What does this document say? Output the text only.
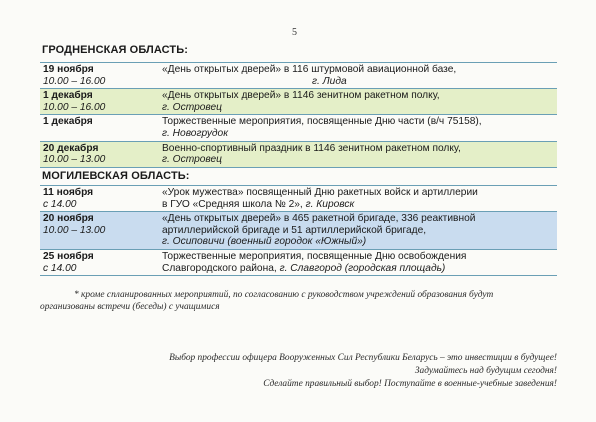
5
ГРОДНЕНСКАЯ ОБЛАСТЬ:
19 ноября
10.00 – 16.00	«День открытых дверей» в 116 штурмовой авиационной базе,
г. Лида

1 декабря
10.00 – 16.00	«День открытых дверей» в 1146 зенитном ракетном полку,
г. Островец

1 декабря	Торжественные мероприятия, посвященные Дню части (в/ч 75158),
г. Новогрудок

20 декабря
10.00 – 13.00	Военно-спортивный праздник в 1146 зенитном ракетном полку,
г. Островец
МОГИЛЕВСКАЯ ОБЛАСТЬ:
11 ноября
с 14.00	«Урок мужества» посвященный Дню ракетных войск и артиллерии
в ГУО «Средняя школа № 2», г. Кировск

20 ноября
10.00 – 13.00	«День открытых дверей» в 465 ракетной бригаде, 336 реактивной
артиллерийской бригаде и 51 артиллерийской бригаде,
г. Осиповичи (военный городок «Южный»)

25 ноября
с 14.00	Торжественные мероприятия, посвященные Дню освобождения
Славгородского района, г. Славгород (городская площадь)
* кроме спланированных мероприятий, по согласованию с руководством учреждений образования будут
организованы встречи (беседы) с учащимися
Выбор профессии офицера Вооруженных Сил Республики Беларусь – это инвестиции в будущее!
Задумайтесь над будущим сегодня!
Сделайте правильный выбор! Поступайте в военные-учебные заведения!
